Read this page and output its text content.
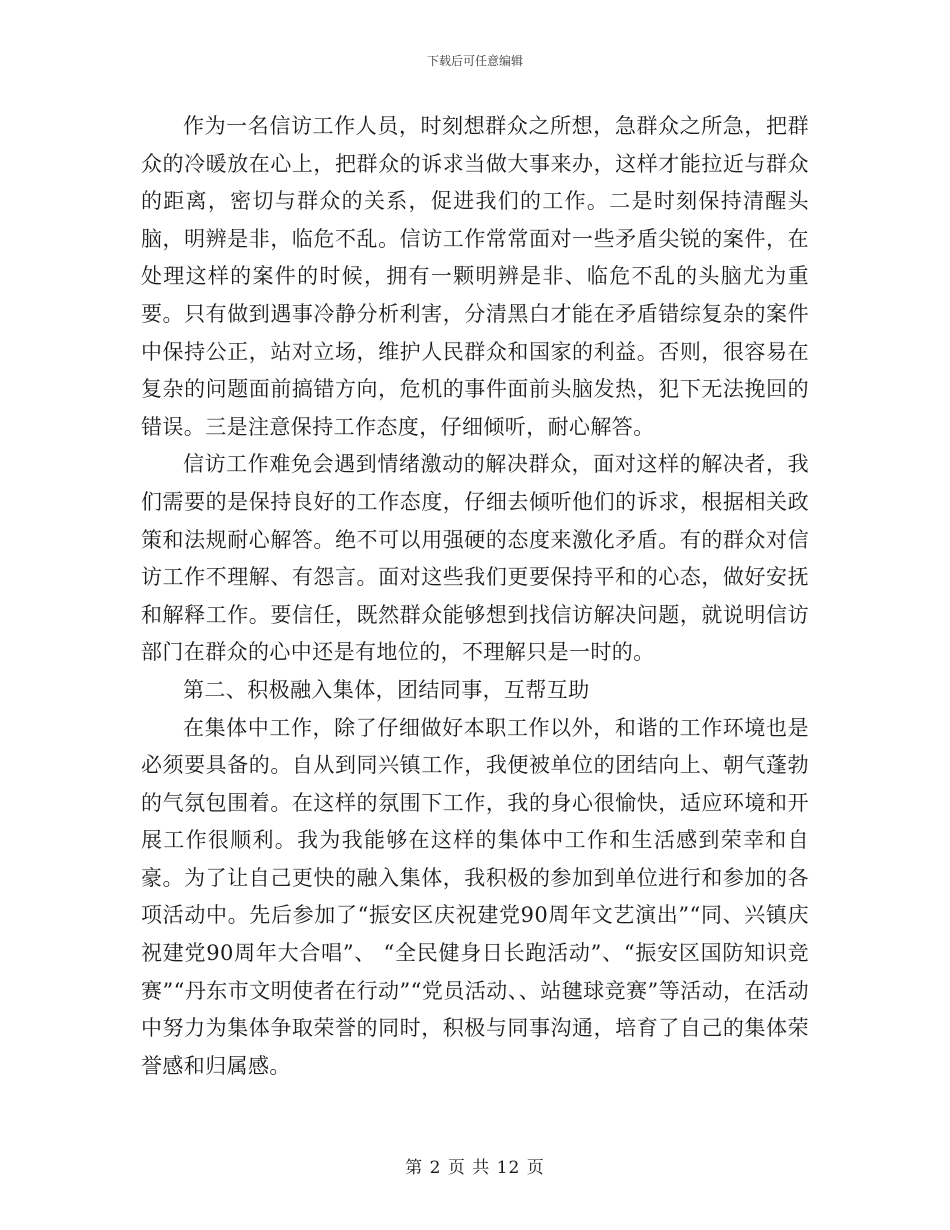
下载后可任意编辑

作为一名信访工作人员，时刻想群众之所想，急群众之所急，把群众的冷暖放在心上，把群众的诉求当做大事来办，这样才能拉近与群众的距离，密切与群众的关系，促进我们的工作。二是时刻保持清醒头脑，明辨是非，临危不乱。信访工作常常面对一些矛盾尖锐的案件，在处理这样的案件的时候，拥有一颗明辨是非、临危不乱的头脑尤为重要。只有做到遇事冷静分析利害，分清黑白才能在矛盾错综复杂的案件中保持公正，站对立场，维护人民群众和国家的利益。否则，很容易在复杂的问题面前搞错方向，危机的事件面前头脑发热，犯下无法挽回的错误。三是注意保持工作态度，仔细倾听，耐心解答。

信访工作难免会遇到情绪激动的解决群众，面对这样的解决者，我们需要的是保持良好的工作态度，仔细去倾听他们的诉求，根据相关政策和法规耐心解答。绝不可以用强硬的态度来激化矛盾。有的群众对信访工作不理解、有怨言。面对这些我们更要保持平和的心态，做好安抚和解释工作。要信任，既然群众能够想到找信访解决问题，就说明信访部门在群众的心中还是有地位的，不理解只是一时的。

第二、积极融入集体，团结同事，互帮互助

在集体中工作，除了仔细做好本职工作以外，和谐的工作环境也是必须要具备的。自从到同兴镇工作，我便被单位的团结向上、朝气蓬勃的气氛包围着。在这样的氛围下工作，我的身心很愉快，适应环境和开展工作很顺利。我为我能够在这样的集体中工作和生活感到荣幸和自豪。为了让自己更快的融入集体，我积极的参加到单位进行和参加的各项活动中。先后参加了“振安区庆祝建党90周年文艺演出”“同、兴镇庆祝建党90周年大合唱”、 “全民健身日长跑活动”、“振安区国防知识竞赛”“丹东市文明使者在行动”“党员活动、、站毽球竞赛”等活动，在活动中努力为集体争取荣誉的同时，积极与同事沟通，培育了自己的集体荣誉感和归属感。

第 2 页 共 12 页
